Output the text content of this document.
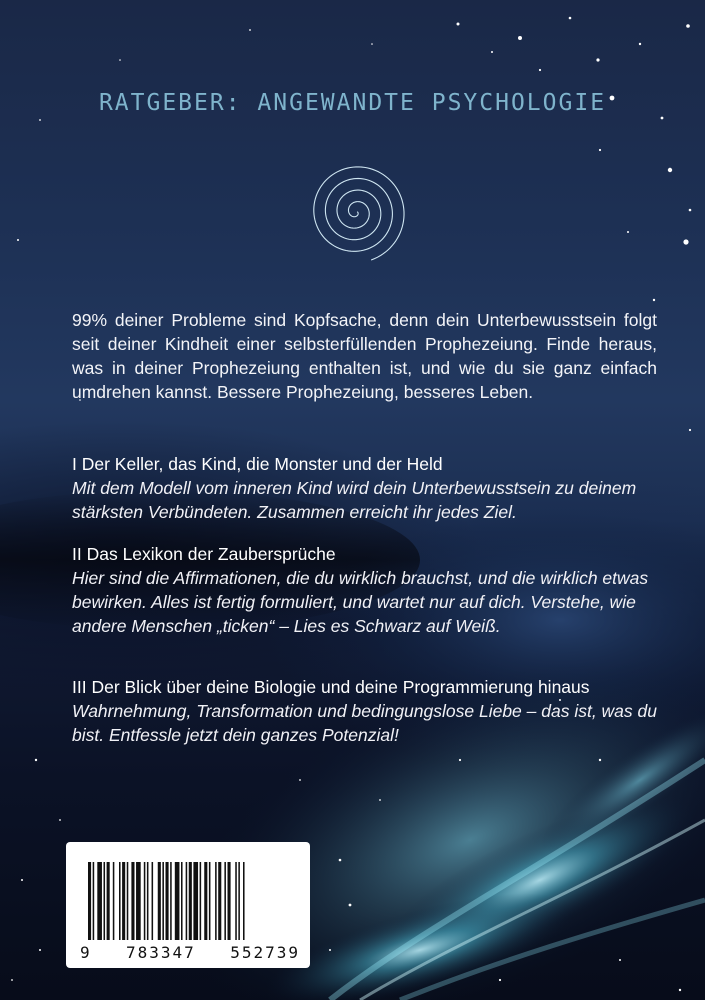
RATGEBER: ANGEWANDTE PSYCHOLOGIE
99% deiner Probleme sind Kopfsache, denn dein Unterbewusstsein folgt seit deiner Kindheit einer selbsterfüllenden Prophezeiung. Finde heraus, was in deiner Prophezeiung enthalten ist, und wie du sie ganz einfach umdrehen kannst. Bessere Prophezeiung, besseres Leben.
I Der Keller, das Kind, die Monster und der Held
Mit dem Modell vom inneren Kind wird dein Unterbewusstsein zu deinem stärksten Verbündeten. Zusammen erreicht ihr jedes Ziel.
II Das Lexikon der Zaubersprüche
Hier sind die Affirmationen, die du wirklich brauchst, und die wirklich etwas bewirken. Alles ist fertig formuliert, und wartet nur auf dich. Verstehe, wie andere Menschen „ticken“ – Lies es Schwarz auf Weiß.
III Der Blick über deine Biologie und deine Programmierung hinaus
Wahrnehmung, Transformation und bedingungslose Liebe – das ist, was du bist. Entfessle jetzt dein ganzes Potenzial!
9 783347 552739
